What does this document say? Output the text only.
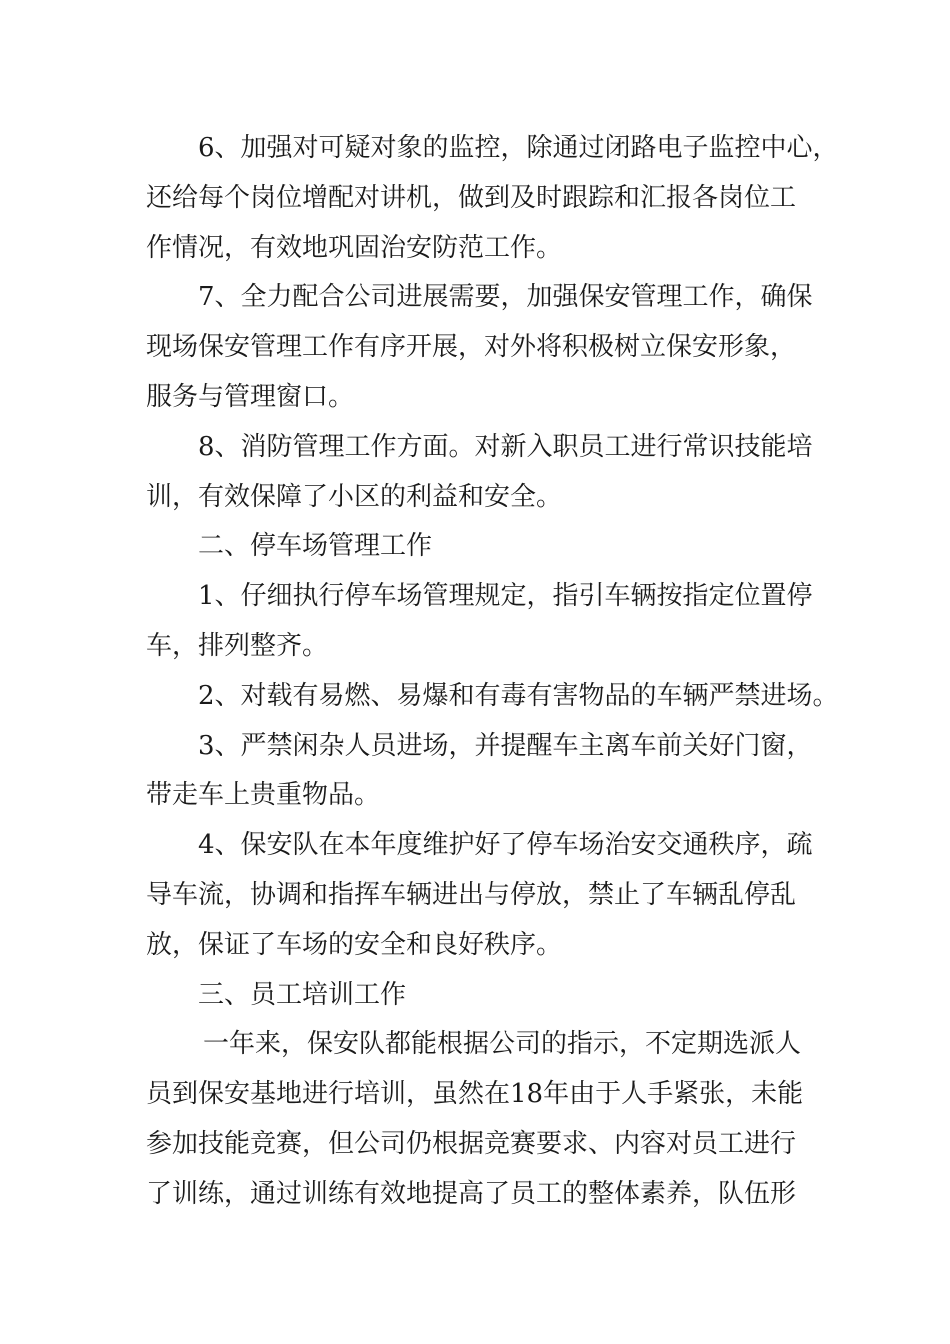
6、加强对可疑对象的监控，除通过闭路电子监控中心，
还给每个岗位增配对讲机，做到及时跟踪和汇报各岗位工
作情况，有效地巩固治安防范工作。
7、全力配合公司进展需要，加强保安管理工作，确保
现场保安管理工作有序开展，对外将积极树立保安形象，
服务与管理窗口。
8、消防管理工作方面。对新入职员工进行常识技能培
训，有效保障了小区的利益和安全。
二、停车场管理工作
1、仔细执行停车场管理规定，指引车辆按指定位置停
车，排列整齐。
2、对载有易燃、易爆和有毒有害物品的车辆严禁进场。
3、严禁闲杂人员进场，并提醒车主离车前关好门窗，
带走车上贵重物品。
4、保安队在本年度维护好了停车场治安交通秩序，疏
导车流，协调和指挥车辆进出与停放，禁止了车辆乱停乱
放，保证了车场的安全和良好秩序。
三、员工培训工作
一年来，保安队都能根据公司的指示，不定期选派人
员到保安基地进行培训，虽然在18年由于人手紧张，未能
参加技能竞赛，但公司仍根据竞赛要求、内容对员工进行
了训练，通过训练有效地提高了员工的整体素养，队伍形
